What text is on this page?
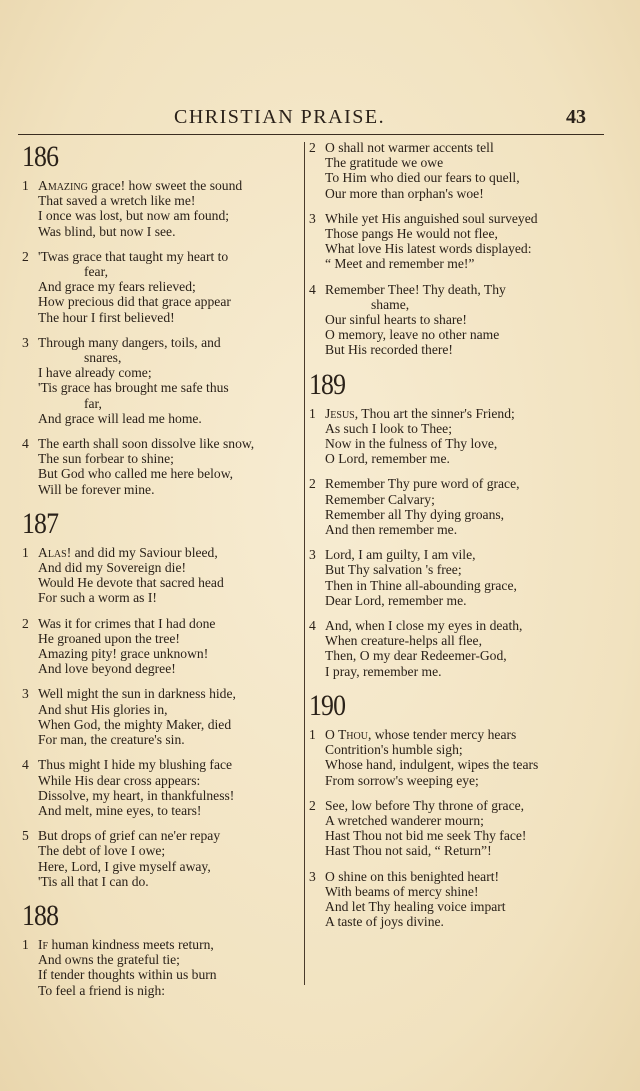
CHRISTIAN PRAISE.	43
186
1 Amazing grace! how sweet the sound
That saved a wretch like me!
I once was lost, but now am found;
Was blind, but now I see.
2 'Twas grace that taught my heart to
fear,
And grace my fears relieved;
How precious did that grace appear
The hour I first believed!
3 Through many dangers, toils, and
snares,
I have already come;
'Tis grace has brought me safe thus
far,
And grace will lead me home.
4 The earth shall soon dissolve like snow,
The sun forbear to shine;
But God who called me here below,
Will be forever mine.
187
1 Alas! and did my Saviour bleed,
And did my Sovereign die!
Would He devote that sacred head
For such a worm as I!
2 Was it for crimes that I had done
He groaned upon the tree!
Amazing pity! grace unknown!
And love beyond degree!
3 Well might the sun in darkness hide,
And shut His glories in,
When God, the mighty Maker, died
For man, the creature's sin.
4 Thus might I hide my blushing face
While His dear cross appears:
Dissolve, my heart, in thankfulness!
And melt, mine eyes, to tears!
5 But drops of grief can ne'er repay
The debt of love I owe;
Here, Lord, I give myself away,
'Tis all that I can do.
188
1 If human kindness meets return,
And owns the grateful tie;
If tender thoughts within us burn
To feel a friend is nigh:
2 O shall not warmer accents tell
The gratitude we owe
To Him who died our fears to quell,
Our more than orphan's woe!
3 While yet His anguished soul surveyed
Those pangs He would not flee,
What love His latest words displayed:
“ Meet and remember me!”
4 Remember Thee! Thy death, Thy
shame,
Our sinful hearts to share!
O memory, leave no other name
But His recorded there!
189
1 Jesus, Thou art the sinner's Friend;
As such I look to Thee;
Now in the fulness of Thy love,
O Lord, remember me.
2 Remember Thy pure word of grace,
Remember Calvary;
Remember all Thy dying groans,
And then remember me.
3 Lord, I am guilty, I am vile,
But Thy salvation 's free;
Then in Thine all-abounding grace,
Dear Lord, remember me.
4 And, when I close my eyes in death,
When creature-helps all flee,
Then, O my dear Redeemer-God,
I pray, remember me.
190
1 O Thou, whose tender mercy hears
Contrition's humble sigh;
Whose hand, indulgent, wipes the tears
From sorrow's weeping eye;
2 See, low before Thy throne of grace,
A wretched wanderer mourn;
Hast Thou not bid me seek Thy face!
Hast Thou not said, “ Return”!
3 O shine on this benighted heart!
With beams of mercy shine!
And let Thy healing voice impart
A taste of joys divine.
